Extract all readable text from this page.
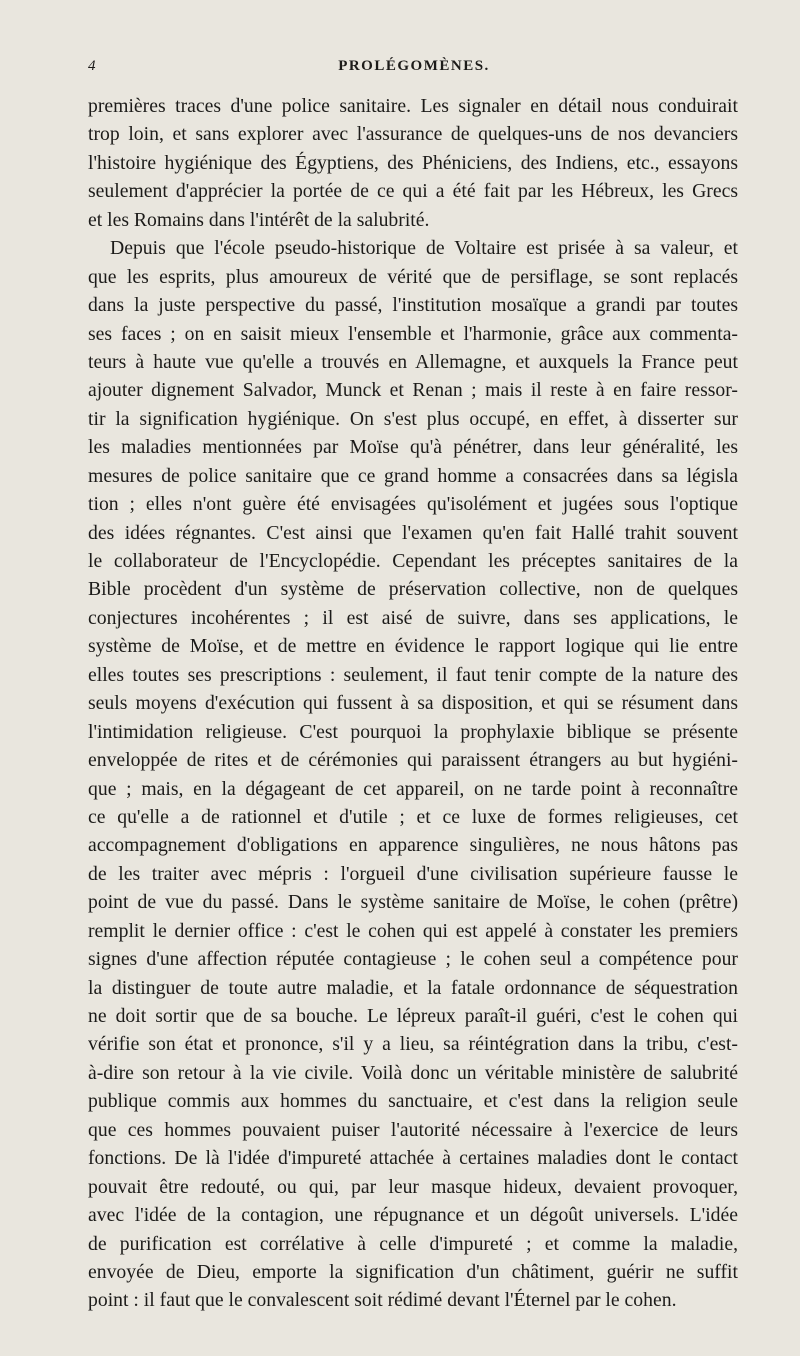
4	PROLÉGOMÈNES.
premières traces d'une police sanitaire. Les signaler en détail nous conduirait
trop loin, et sans explorer avec l'assurance de quelques-uns de nos devanciers
l'histoire hygiénique des Égyptiens, des Phéniciens, des Indiens, etc., essayons
seulement d'apprécier la portée de ce qui a été fait par les Hébreux, les Grecs
et les Romains dans l'intérêt de la salubrité.
Depuis que l'école pseudo-historique de Voltaire est prisée à sa valeur, et
que les esprits, plus amoureux de vérité que de persiflage, se sont replacés
dans la juste perspective du passé, l'institution mosaïque a grandi par toutes
ses faces ; on en saisit mieux l'ensemble et l'harmonie, grâce aux commenta-
teurs à haute vue qu'elle a trouvés en Allemagne, et auxquels la France peut
ajouter dignement Salvador, Munck et Renan ; mais il reste à en faire ressor-
tir la signification hygiénique. On s'est plus occupé, en effet, à disserter sur
les maladies mentionnées par Moïse qu'à pénétrer, dans leur généralité, les
mesures de police sanitaire que ce grand homme a consacrées dans sa législa
tion ; elles n'ont guère été envisagées qu'isolément et jugées sous l'optique
des idées régnantes. C'est ainsi que l'examen qu'en fait Hallé trahit souvent
le collaborateur de l'Encyclopédie. Cependant les préceptes sanitaires de la
Bible procèdent d'un système de préservation collective, non de quelques
conjectures incohérentes ; il est aisé de suivre, dans ses applications, le
système de Moïse, et de mettre en évidence le rapport logique qui lie entre
elles toutes ses prescriptions : seulement, il faut tenir compte de la nature des
seuls moyens d'exécution qui fussent à sa disposition, et qui se résument dans
l'intimidation religieuse. C'est pourquoi la prophylaxie biblique se présente
enveloppée de rites et de cérémonies qui paraissent étrangers au but hygiéni-
que ; mais, en la dégageant de cet appareil, on ne tarde point à reconnaître
ce qu'elle a de rationnel et d'utile ; et ce luxe de formes religieuses, cet
accompagnement d'obligations en apparence singulières, ne nous hâtons pas
de les traiter avec mépris : l'orgueil d'une civilisation supérieure fausse le
point de vue du passé. Dans le système sanitaire de Moïse, le cohen (prêtre)
remplit le dernier office : c'est le cohen qui est appelé à constater les premiers
signes d'une affection réputée contagieuse ; le cohen seul a compétence pour
la distinguer de toute autre maladie, et la fatale ordonnance de séquestration
ne doit sortir que de sa bouche. Le lépreux paraît-il guéri, c'est le cohen qui
vérifie son état et prononce, s'il y a lieu, sa réintégration dans la tribu, c'est-
à-dire son retour à la vie civile. Voilà donc un véritable ministère de salubrité
publique commis aux hommes du sanctuaire, et c'est dans la religion seule
que ces hommes pouvaient puiser l'autorité nécessaire à l'exercice de leurs
fonctions. De là l'idée d'impureté attachée à certaines maladies dont le contact
pouvait être redouté, ou qui, par leur masque hideux, devaient provoquer,
avec l'idée de la contagion, une répugnance et un dégoût universels. L'idée
de purification est corrélative à celle d'impureté ; et comme la maladie,
envoyée de Dieu, emporte la signification d'un châtiment, guérir ne suffit
point : il faut que le convalescent soit rédimé devant l'Éternel par le cohen.
